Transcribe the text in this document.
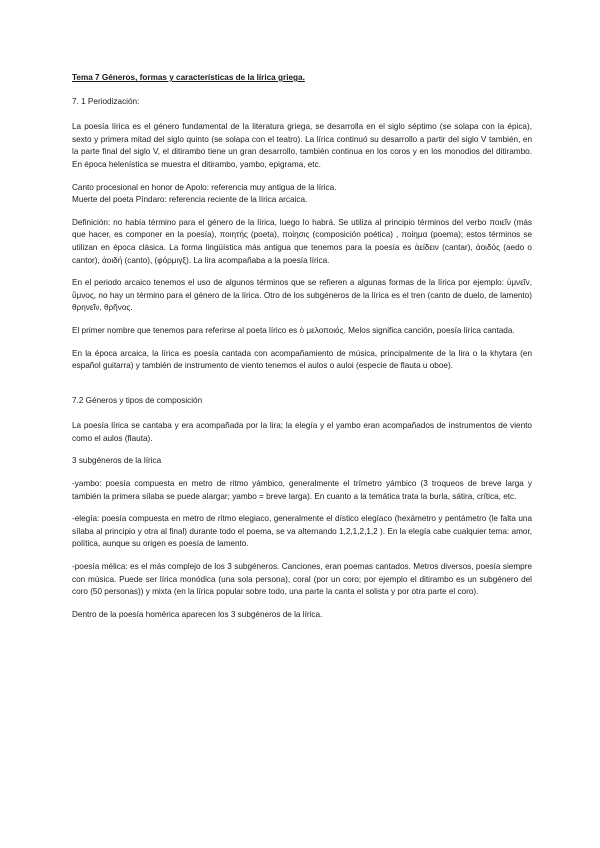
Tema 7 Géneros, formas y características de la lírica griega.

7. 1 Periodización:

La poesía lírica es el género fundamental de la literatura griega, se desarrolla en el siglo séptimo (se solapa con la épica), sexto y primera mitad del siglo quinto (se solapa con el teatro). La lírica continuó su desarrollo a partir del siglo V también, en la parte final del siglo V, el ditirambo tiene un gran desarrollo, también continua en los coros y en los monodios del ditirambo. En época helenística se muestra el ditirambo, yambo, epigrama, etc.

Canto procesional en honor de Apolo: referencia muy antigua de la lírica.

Muerte del poeta Píndaro: referencia reciente de la lírica arcaica.

Definición: no había término para el género de la lírica, luego lo habrá. Se utiliza al principio términos del verbo ποιεῖν (más que hacer, es componer en la poesía), ποιητής (poeta), ποίησις (composición poética) , ποίημα (poema); estos términos se utilizan en época clásica. La forma lingüística más antigua que tenemos para la poesía es ἀείδειν (cantar), ἀοιδός (aedo o cantor), ἀοιδή (canto), (φόρμιγξ). La lira acompañaba a la poesía lírica.

En el periodo arcaico tenemos el uso de algunos términos que se refieren a algunas formas de la lírica por ejemplo: ὑμνεῖν, ὕμνος, no hay un término para el género de la lírica. Otro de los subgéneros de la lírica es el tren (canto de duelo, de lamento) θρηνεῖν, θρῆνος.

El primer nombre que tenemos para referirse al poeta lírico es ὁ μελοποιός. Melos significa canción, poesía lírica cantada.

En la época arcaica, la lírica es poesía cantada con acompañamiento de música, principalmente de la lira o la khytara (en español guitarra) y también de instrumento de viento tenemos el aulos o auloi (especie de flauta u oboe).

7.2 Géneros y tipos de composición

La poesía lírica se cantaba y era acompañada por la lira; la elegía y el yambo eran acompañados de instrumentos de viento como el aulos (flauta).

3 subgéneros de la lírica

-yambo: poesía compuesta en metro de ritmo yámbico, generalmente el trímetro yámbico (3 troqueos de breve larga y también la primera sílaba se puede alargar; yambo = breve larga). En cuanto a la temática trata la burla, sátira, crítica, etc.

-elegía: poesía compuesta en metro de ritmo elegiaco, generalmente el dístico elegíaco (hexámetro y pentámetro (le falta una sílaba al principio y otra al final) durante todo el poema, se va alternando 1,2,1,2,1,2 ). En la elegía cabe cualquier tema: amor, política, aunque su origen es poesía de lamento.

-poesía mélica: es el más complejo de los 3 subgéneros. Canciones, eran poemas cantados. Metros diversos, poesía siempre con música. Puede ser lírica monódica (una sola persona), coral (por un coro; por ejemplo el ditirambo es un subgénero del coro (50 personas)) y mixta (en la lírica popular sobre todo, una parte la canta el solista y por otra parte el coro).

Dentro de la poesía homérica aparecen los 3 subgéneros de la lírica.
